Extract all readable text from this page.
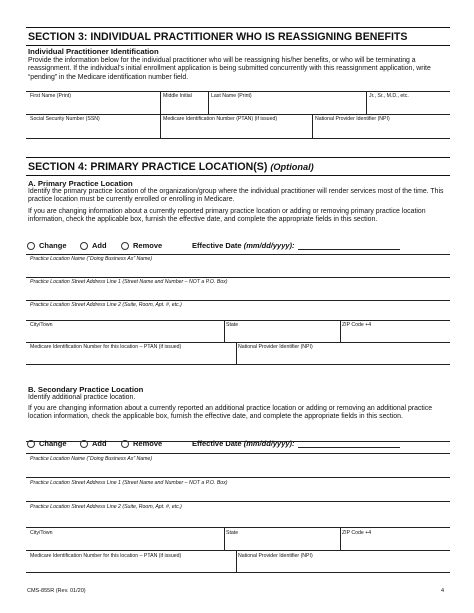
SECTION 3: INDIVIDUAL PRACTITIONER WHO IS REASSIGNING BENEFITS
Individual Practitioner Identification
Provide the information below for the individual practitioner who will be reassigning his/her benefits, or who will be terminating a reassignment. If the individual’s initial enrollment application is being submitted concurrently with this reassignment application, write “pending” in the Medicare identification number field.
First Name (Print)	Middle Initial	Last Name (Print)	Jr., Sr., M.D., etc.
Social Security Number (SSN)	Medicare Identification Number (PTAN) (if issued)	National Provider Identifier (NPI)
SECTION 4: PRIMARY PRACTICE LOCATION(S) (Optional)
A. Primary Practice Location
Identify the primary practice location of the organization/group where the individual practitioner will render services most of the time. This practice location must be currently enrolled or enrolling in Medicare.
If you are changing information about a currently reported primary practice location or adding or removing primary practice location information, check the applicable box, furnish the effective date, and complete the appropriate fields in this section.
Change	Add	Remove	Effective Date (mm/dd/yyyy):
Practice Location Name (“Doing Business As” Name)
Practice Location Street Address Line 1 (Street Name and Number – NOT a P.O. Box)
Practice Location Street Address Line 2 (Suite, Room, Apt. #, etc.)
City/Town	State	ZIP Code +4
Medicare Identification Number for this location – PTAN (if issued)	National Provider Identifier (NPI)
B. Secondary Practice Location
Identify additional practice location.
If you are changing information about a currently reported an additional practice location or adding or removing an additional practice location information, check the applicable box, furnish the effective date, and complete the appropriate fields in this section.
Change	Add	Remove	Effective Date (mm/dd/yyyy):
Practice Location Name (“Doing Business As” Name)
Practice Location Street Address Line 1 (Street Name and Number – NOT a P.O. Box)
Practice Location Street Address Line 2 (Suite, Room, Apt. #, etc.)
City/Town	State	ZIP Code +4
Medicare Identification Number for this location – PTAN (if issued)	National Provider Identifier (NPI)
CMS-855R (Rev. 01/20)	4
